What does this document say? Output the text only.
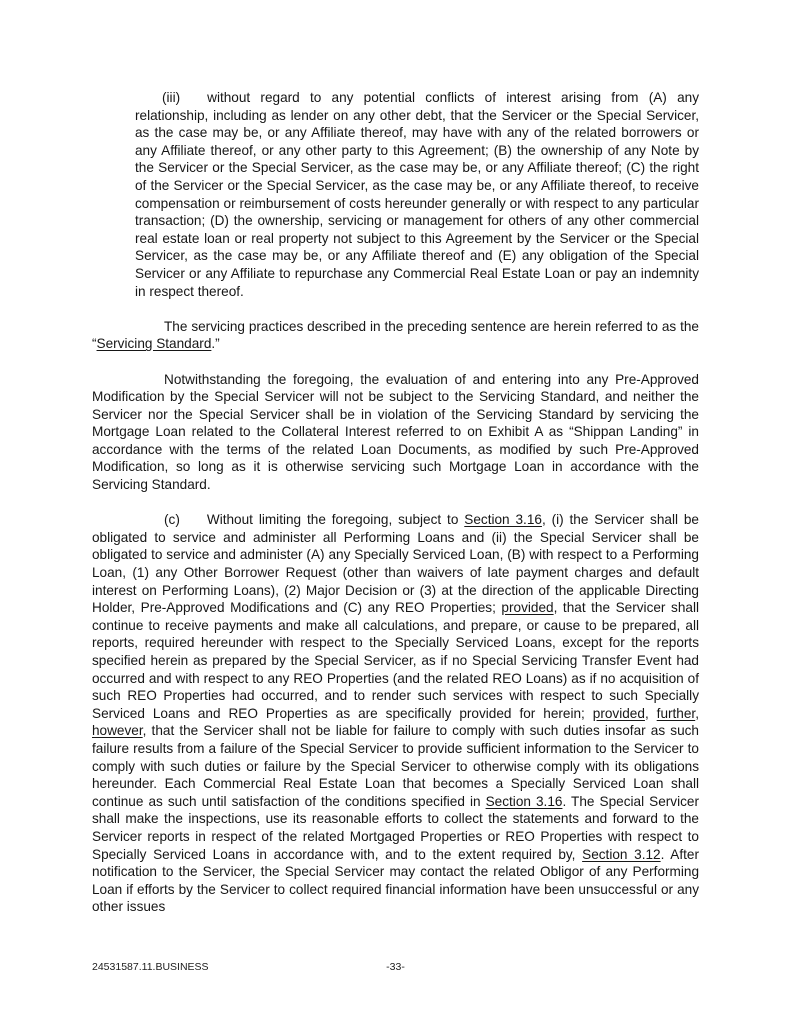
(iii) without regard to any potential conflicts of interest arising from (A) any relationship, including as lender on any other debt, that the Servicer or the Special Servicer, as the case may be, or any Affiliate thereof, may have with any of the related borrowers or any Affiliate thereof, or any other party to this Agreement; (B) the ownership of any Note by the Servicer or the Special Servicer, as the case may be, or any Affiliate thereof; (C) the right of the Servicer or the Special Servicer, as the case may be, or any Affiliate thereof, to receive compensation or reimbursement of costs hereunder generally or with respect to any particular transaction; (D) the ownership, servicing or management for others of any other commercial real estate loan or real property not subject to this Agreement by the Servicer or the Special Servicer, as the case may be, or any Affiliate thereof and (E) any obligation of the Special Servicer or any Affiliate to repurchase any Commercial Real Estate Loan or pay an indemnity in respect thereof.

The servicing practices described in the preceding sentence are herein referred to as the “Servicing Standard.”

Notwithstanding the foregoing, the evaluation of and entering into any Pre-Approved Modification by the Special Servicer will not be subject to the Servicing Standard, and neither the Servicer nor the Special Servicer shall be in violation of the Servicing Standard by servicing the Mortgage Loan related to the Collateral Interest referred to on Exhibit A as “Shippan Landing” in accordance with the terms of the related Loan Documents, as modified by such Pre-Approved Modification, so long as it is otherwise servicing such Mortgage Loan in accordance with the Servicing Standard.

(c) Without limiting the foregoing, subject to Section 3.16, (i) the Servicer shall be obligated to service and administer all Performing Loans and (ii) the Special Servicer shall be obligated to service and administer (A) any Specially Serviced Loan, (B) with respect to a Performing Loan, (1) any Other Borrower Request (other than waivers of late payment charges and default interest on Performing Loans), (2) Major Decision or (3) at the direction of the applicable Directing Holder, Pre-Approved Modifications and (C) any REO Properties; provided, that the Servicer shall continue to receive payments and make all calculations, and prepare, or cause to be prepared, all reports, required hereunder with respect to the Specially Serviced Loans, except for the reports specified herein as prepared by the Special Servicer, as if no Special Servicing Transfer Event had occurred and with respect to any REO Properties (and the related REO Loans) as if no acquisition of such REO Properties had occurred, and to render such services with respect to such Specially Serviced Loans and REO Properties as are specifically provided for herein; provided, further, however, that the Servicer shall not be liable for failure to comply with such duties insofar as such failure results from a failure of the Special Servicer to provide sufficient information to the Servicer to comply with such duties or failure by the Special Servicer to otherwise comply with its obligations hereunder. Each Commercial Real Estate Loan that becomes a Specially Serviced Loan shall continue as such until satisfaction of the conditions specified in Section 3.16. The Special Servicer shall make the inspections, use its reasonable efforts to collect the statements and forward to the Servicer reports in respect of the related Mortgaged Properties or REO Properties with respect to Specially Serviced Loans in accordance with, and to the extent required by, Section 3.12. After notification to the Servicer, the Special Servicer may contact the related Obligor of any Performing Loan if efforts by the Servicer to collect required financial information have been unsuccessful or any other issues

24531587.11.BUSINESS	-33-
